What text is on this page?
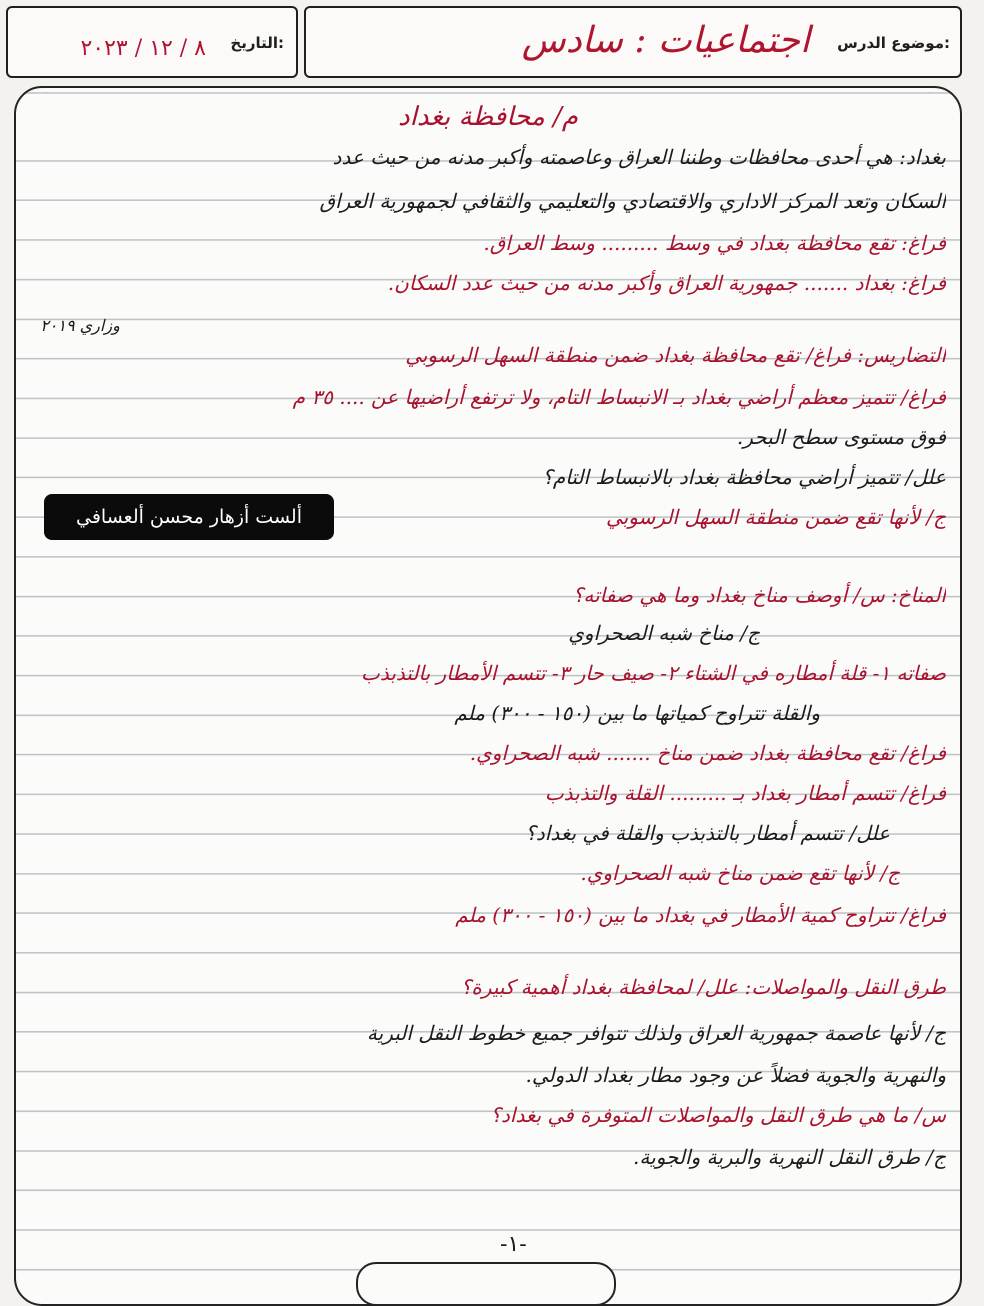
التاريخ:
٨ / ١٢ / ٢٠٢٣	موضوع الدرس:
اجتماعيات : سادس
م/ محافظة بغداد
بغداد: هي أحدى محافظات وطننا العراق وعاصمته وأكبر مدنه من حيث عدد
السكان وتعد المركز الاداري والاقتصادي والتعليمي والثقافي لجمهورية العراق
فراغ: تقع محافظة بغداد في وسط ......... وسط العراق.
فراغ: بغداد ....... جمهورية العراق وأكبر مدنه من حيث عدد السكان.
التضاريس: فراغ/ تقع محافظة بغداد ضمن منطقة السهل الرسوبي
فراغ/ تتميز معظم أراضي بغداد بـ الانبساط التام، ولا ترتفع أراضيها عن .... ٣٥ م
فوق مستوى سطح البحر.
علل/ تتميز أراضي محافظة بغداد بالانبساط التام؟
ج/ لأنها تقع ضمن منطقة السهل الرسوبي
المناخ: س/ أوصف مناخ بغداد وما هي صفاته؟
ج/ مناخ شبه الصحراوي
صفاته ١- قلة أمطاره في الشتاء ٢- صيف حار ٣- تتسم الأمطار بالتذبذب
والقلة تتراوح كمياتها ما بين (١٥٠ - ٣٠٠) ملم
فراغ/ تقع محافظة بغداد ضمن مناخ ....... شبه الصحراوي.
فراغ/ تتسم أمطار بغداد بـ ......... القلة والتذبذب
علل/ تتسم أمطار بالتذبذب والقلة في بغداد؟
ج/ لأنها تقع ضمن مناخ شبه الصحراوي.
فراغ/ تتراوح كمية الأمطار في بغداد ما بين (١٥٠ - ٣٠٠) ملم
طرق النقل والمواصلات: علل/ لمحافظة بغداد أهمية كبيرة؟
ج/ لأنها عاصمة جمهورية العراق ولذلك تتوافر جميع خطوط النقل البرية
والنهرية والجوية فضلاً عن وجود مطار بغداد الدولي.
س/ ما هي طرق النقل والمواصلات المتوفرة في بغداد؟
ج/ طرق النقل النهرية والبرية والجوية.
وزاري ٢٠١٩
ألست أزهار محسن ألعسافي
-١-
